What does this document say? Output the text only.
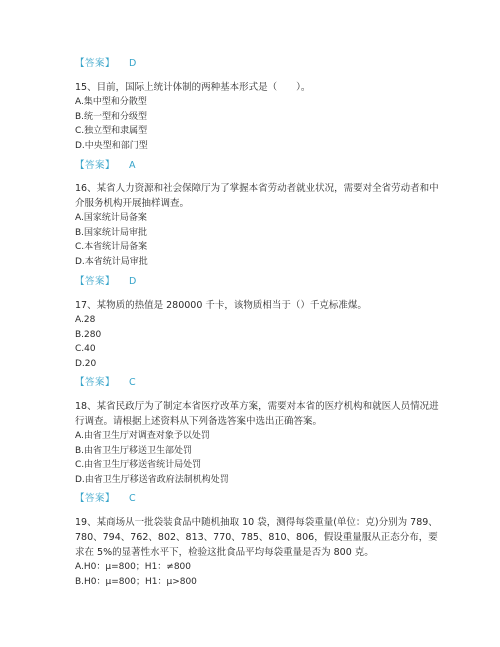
【答案】 D

15、目前，国际上统计体制的两种基本形式是（　　）。

A.集中型和分散型

B.统一型和分级型

C.独立型和隶属型

D.中央型和部门型

【答案】 A

16、某省人力资源和社会保障厅为了掌握本省劳动者就业状况，需要对全省劳动者和中介服务机构开展抽样调查。

A.国家统计局备案

B.国家统计局审批

C.本省统计局备案

D.本省统计局审批

【答案】 D

17、某物质的热值是 280000 千卡，该物质相当于（）千克标准煤。

A.28

B.280

C.40

D.20

【答案】 C

18、某省民政厅为了制定本省医疗改革方案，需要对本省的医疗机构和就医人员情况进行调查。请根据上述资料从下列备选答案中选出正确答案。

A.由省卫生厅对调查对象予以处罚

B.由省卫生厅移送卫生部处罚

C.由省卫生厅移送省统计局处罚

D.由省卫生厅移送省政府法制机构处罚

【答案】 C

19、某商场从一批袋装食品中随机抽取 10 袋，测得每袋重量(单位：克)分别为 789、780、794、762、802、813、770、785、810、806，假设重量服从正态分布，要求在 5%的显著性水平下，检验这批食品平均每袋重量是否为 800 克。

A.H0：μ=800；H1：≠800

B.H0：μ=800；H1：μ>800
